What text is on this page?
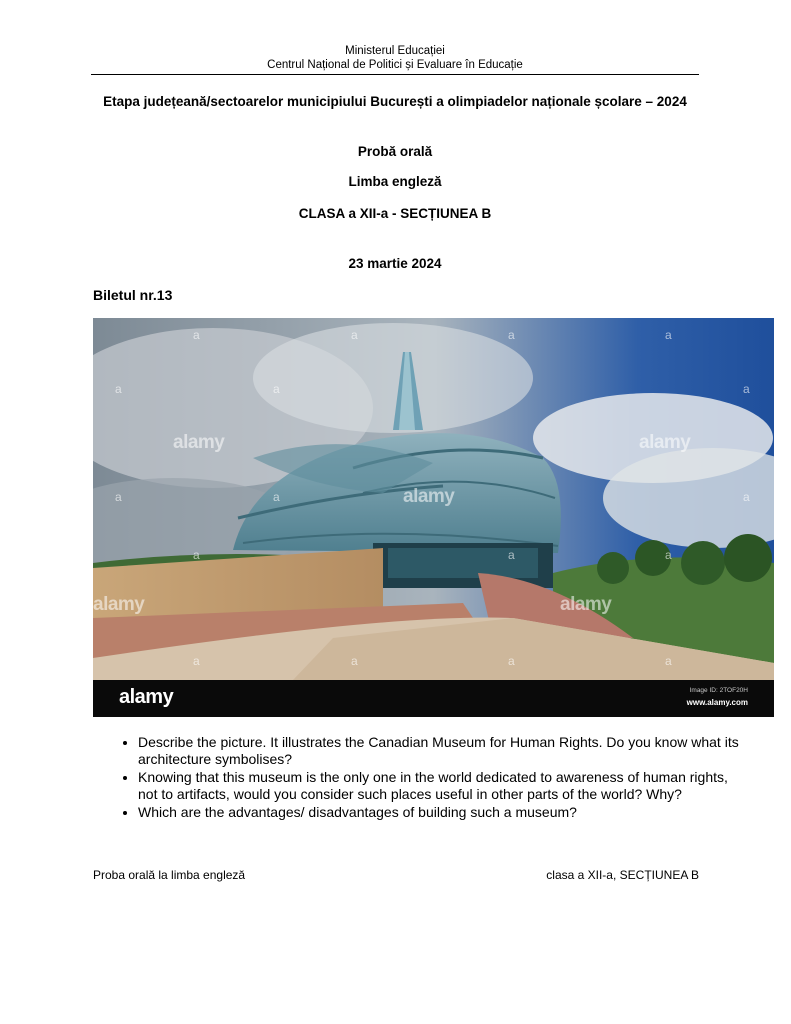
Ministerul Educației
Centrul Național de Politici și Evaluare în Educație
Etapa județeană/sectoarelor municipiului București a olimpiadelor naționale școlare – 2024
Probă orală
Limba engleză
CLASA a XII-a - SECȚIUNEA B
23 martie 2024
Biletul nr.13
a	a	a	a
a	a	a
alamy	alamy
a	a	alamy	a
a	a	a
alamy	alamy
a	a	a	a
alamy	Image ID: 2TOF20H
www.alamy.com
• Describe the picture. It illustrates the Canadian Museum for Human Rights. Do you know what its architecture symbolises?
• Knowing that this museum is the only one in the world dedicated to awareness of human rights, not to artifacts, would you consider such places useful in other parts of the world? Why?
• Which are the advantages/ disadvantages of building such a museum?
Proba orală la limba engleză	clasa a XII-a, SECȚIUNEA B
